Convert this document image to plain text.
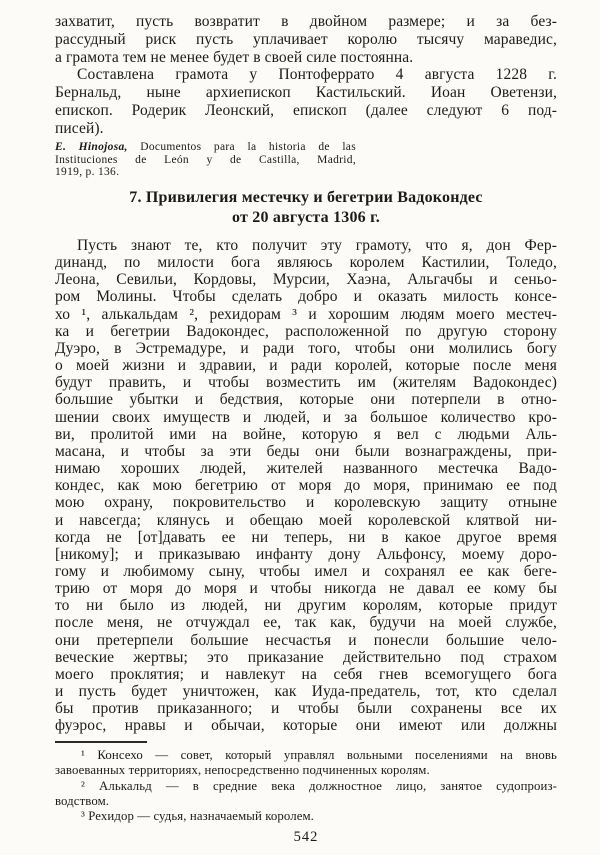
захватит, пусть возвратит в двойном размере; и за без-
рассудный риск пусть уплачивает королю тысячу мараведис,
а грамота тем не менее будет в своей силе постоянна.
Составлена грамота у Понтоферрато 4 августа 1228 г.
Бернальд, ныне архиепископ Кастильский. Иоан Оветензи,
епископ. Родерик Леонский, епископ (далее следуют 6 под-
писей).
E. Hinojosa, Documentos para la historia de las
Instituciones de León y de Castilla, Madrid,
1919, p. 136.
7. Привилегия местечку и бегетрии Вадокондес
от 20 августа 1306 г.
Пусть знают те, кто получит эту грамоту, что я, дон Фер-
динанд, по милости бога являюсь королем Кастилии, Толедо,
Леона, Севильи, Кордовы, Мурсии, Хаэна, Альгачбы и сеньо-
ром Молины. Чтобы сделать добро и оказать милость консе-
хо ¹, алькальдам ², рехидорам ³ и хорошим людям моего местеч-
ка и бегетрии Вадокондес, расположенной по другую сторону
Дуэро, в Эстремадуре, и ради того, чтобы они молились богу
о моей жизни и здравии, и ради королей, которые после меня
будут править, и чтобы возместить им (жителям Вадокондес)
большие убытки и бедствия, которые они потерпели в отно-
шении своих имуществ и людей, и за большое количество кро-
ви, пролитой ими на войне, которую я вел с людьми Аль-
масана, и чтобы за эти беды они были вознаграждены, при-
нимаю хороших людей, жителей названного местечка Вадо-
кондес, как мою бегетрию от моря до моря, принимаю ее под
мою охрану, покровительство и королевскую защиту отныне
и навсегда; клянусь и обещаю моей королевской клятвой ни-
когда не [от]давать ее ни теперь, ни в какое другое время
[никому]; и приказываю инфанту дону Альфонсу, моему доро-
гому и любимому сыну, чтобы имел и сохранял ее как беге-
трию от моря до моря и чтобы никогда не давал ее кому бы
то ни было из людей, ни другим королям, которые придут
после меня, не отчуждал ее, так как, будучи на моей службе,
они претерпели большие несчастья и понесли большие чело-
веческие жертвы; это приказание действительно под страхом
моего проклятия; и навлекут на себя гнев всемогущего бога
и пусть будет уничтожен, как Иуда-предатель, тот, кто сделал
бы против приказанного; и чтобы были сохранены все их
фуэрос, нравы и обычаи, которые они имеют или должны
¹ Консехо — совет, который управлял вольными поселениями на вновь
завоеванных территориях, непосредственно подчиненных королям.
² Алькальд — в средние века должностное лицо, занятое судопроиз-
водством.
³ Рехидор — судья, назначаемый королем.
542
